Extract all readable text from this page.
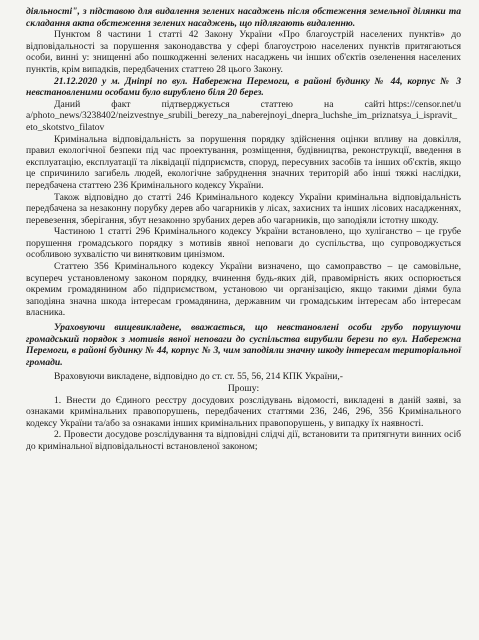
діяльності", з підставою для видалення зелених насаджень після обстеження земельної ділянки та складання акта обстеження зелених насаджень, що підлягають видаленню.

Пунктом 8 частини 1 статті 42 Закону України «Про благоустрій населених пунктів» до відповідальності за порушення законодавства у сфері благоустрою населених пунктів притягаються особи, винні у: знищенні або пошкодженні зелених насаджень чи інших об'єктів озеленення населених пунктів, крім випадків, передбачених статтею 28 цього Закону.

21.12.2020 у м. Дніпрі по вул. Набережна Перемоги, в районі будинку № 44, корпус № 3 невстановленими особами було вирублено біля 20 берез.

Даний факт підтверджується статтею на сайті https://censor.net/ua/photo_news/3238402/neizvestnye_srubili_berezy_na_naberejnoyi_dnepra_luchshe_im_priznatsya_i_ispravit_eto_skotstvo_filatov

Кримінальна відповідальність за порушення порядку здійснення оцінки впливу на довкілля, правил екологічної безпеки під час проектування, розміщення, будівництва, реконструкції, введення в експлуатацію, експлуатації та ліквідації підприємств, споруд, пересувних засобів та інших об'єктів, якщо це спричинило загибель людей, екологічне забруднення значних територій або інші тяжкі наслідки, передбачена статтею 236 Кримінального кодексу України.

Також відповідно до статті 246 Кримінального кодексу України кримінальна відповідальність передбачена за незаконну порубку дерев або чагарників у лісах, захисних та інших лісових насадженнях, перевезення, зберігання, збут незаконно зрубаних дерев або чагарників, що заподіяли істотну шкоду.

Частиною 1 статті 296 Кримінального кодексу України встановлено, що хуліганство – це грубе порушення громадського порядку з мотивів явної неповаги до суспільства, що супроводжується особливою зухвалістю чи винятковим цинізмом.

Статтею 356 Кримінального кодексу України визначено, що самоправство – це самовільне, всупереч установленому законом порядку, вчинення будь-яких дій, правомірність яких оспорюється окремим громадянином або підприємством, установою чи організацією, якщо такими діями була заподіяна значна шкода інтересам громадянина, державним чи громадським інтересам або інтересам власника.

Ураховуючи вищевикладене, вважається, що невстановлені особи грубо порушуючи громадський порядок з мотивів явної неповаги до суспільства вирубили берези по вул. Набережна Перемоги, в районі будинку № 44, корпус № 3, чим заподіяли значну шкоду інтересам територіальної громади.

Враховуючи викладене, відповідно до ст. ст. 55, 56, 214 КПК України,-

Прошу:

1. Внести до Єдиного реєстру досудових розслідувань відомості, викладені в даній заяві, за ознаками кримінальних правопорушень, передбачених статтями 236, 246, 296, 356 Кримінального кодексу України та/або за ознаками інших кримінальних правопорушень, у випадку їх наявності.

2. Провести досудове розслідування та відповідні слідчі дії, встановити та притягнути винних осіб до кримінальної відповідальності встановленої законом;
